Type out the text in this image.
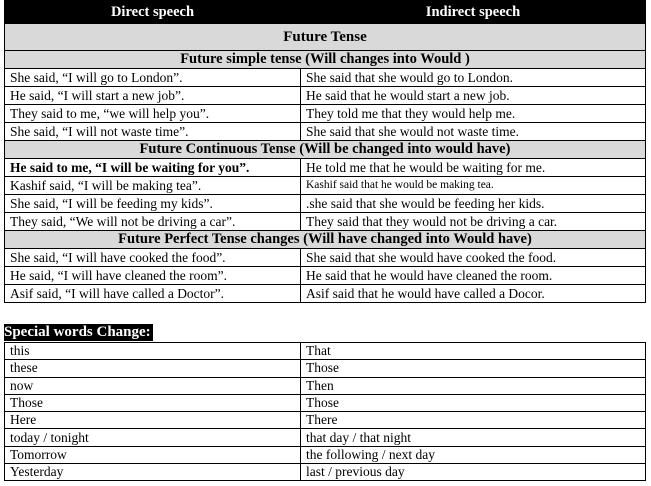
Direct speech	Indirect speech
Future Tense	
Future simple tense (Will changes into Would )	
She said, “I will go to London”.	She said that she would go to London.
He said, “I will start a new job”.	He said that he would start a new job.
They said to me, “we will help you”.	They told me that they would help me.
She said, “I will not waste time”.	She said that she would not waste time.
Future Continuous Tense (Will be changed into would have)	
He said to me, “I will be waiting for you”.	He told me that he would be waiting for me.
Kashif said, “I will be making tea”.	Kashif said that he would be making tea.
She said, “I will be feeding my kids”.	.she said that she would be feeding her kids.
They said, “We will not be driving a car”.	They said that they would not be driving a car.
Future Perfect Tense changes (Will have changed into Would have)	
She said, “I will have cooked the food”.	She said that she would have cooked the food.
He said, “I will have cleaned the room”.	He said that he would have cleaned the room.
Asif said, “I will have called a Doctor”.	Asif said that he would have called a Docor.
Special words Change:
this	That
these	Those
now	Then
Those	Those
Here	There
today / tonight	that day / that night
Tomorrow	the following / next day
Yesterday	last / previous day
